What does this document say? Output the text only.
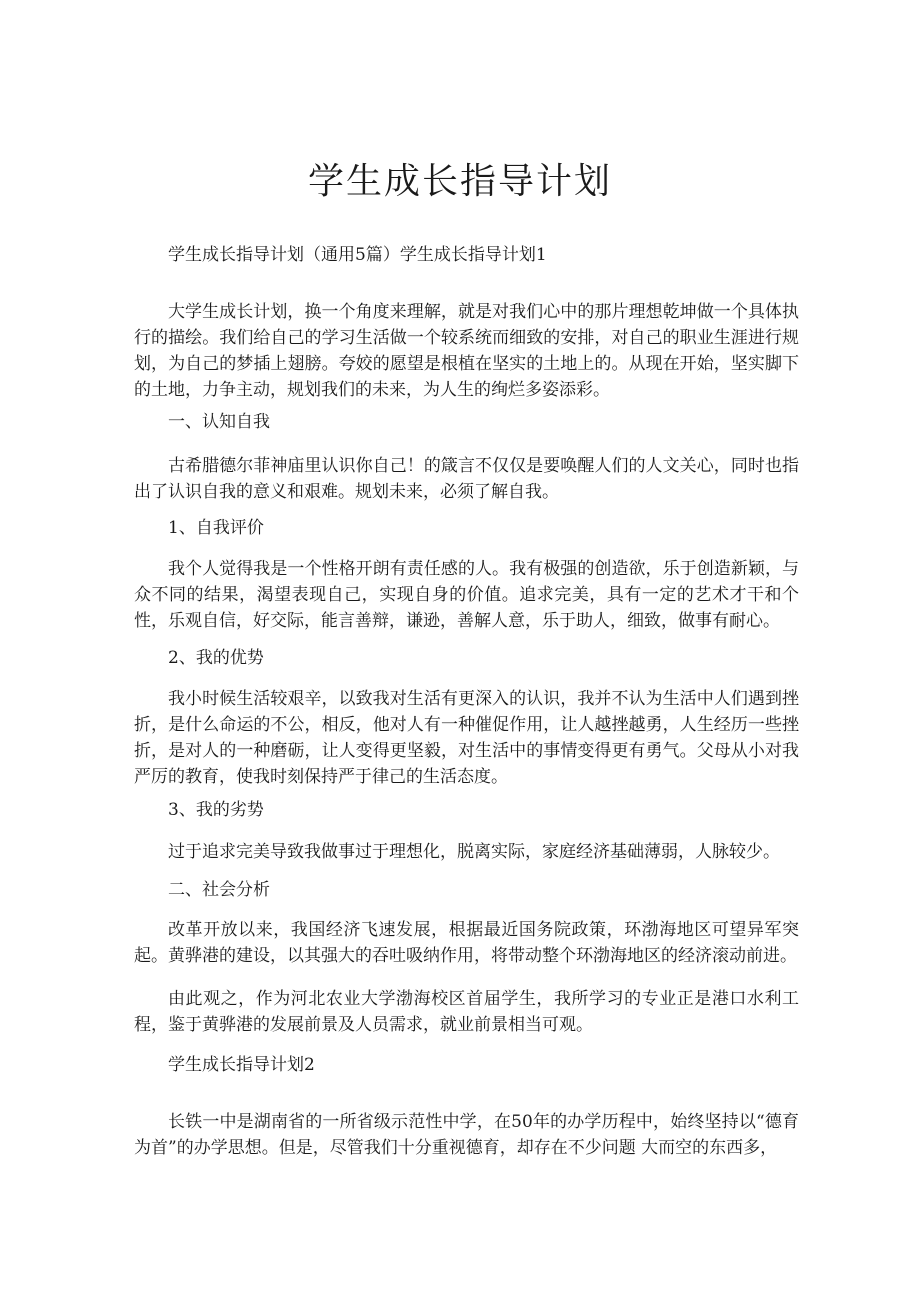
学生成长指导计划
学生成长指导计划（通用5篇）学生成长指导计划1
大学生成长计划，换一个角度来理解，就是对我们心中的那片理想乾坤做一个具体执行的描绘。我们给自己的学习生活做一个较系统而细致的安排，对自己的职业生涯进行规划，为自己的梦插上翅膀。夸姣的愿望是根植在坚实的土地上的。从现在开始，坚实脚下的土地，力争主动，规划我们的未来，为人生的绚烂多姿添彩。
一、认知自我
古希腊德尔菲神庙里认识你自己！的箴言不仅仅是要唤醒人们的人文关心，同时也指出了认识自我的意义和艰难。规划未来，必须了解自我。
1、自我评价
我个人觉得我是一个性格开朗有责任感的人。我有极强的创造欲，乐于创造新颖，与众不同的结果，渴望表现自己，实现自身的价值。追求完美，具有一定的艺术才干和个性，乐观自信，好交际，能言善辩，谦逊，善解人意，乐于助人，细致，做事有耐心。
2、我的优势
我小时候生活较艰辛，以致我对生活有更深入的认识，我并不认为生活中人们遇到挫折，是什么命运的不公，相反，他对人有一种催促作用，让人越挫越勇，人生经历一些挫折，是对人的一种磨砺，让人变得更坚毅，对生活中的事情变得更有勇气。父母从小对我严厉的教育，使我时刻保持严于律己的生活态度。
3、我的劣势
过于追求完美导致我做事过于理想化，脱离实际，家庭经济基础薄弱，人脉较少。
二、社会分析
改革开放以来，我国经济飞速发展，根据最近国务院政策，环渤海地区可望异军突起。黄骅港的建设，以其强大的吞吐吸纳作用，将带动整个环渤海地区的经济滚动前进。
由此观之，作为河北农业大学渤海校区首届学生，我所学习的专业正是港口水利工程，鉴于黄骅港的发展前景及人员需求，就业前景相当可观。
学生成长指导计划2
长铁一中是湖南省的一所省级示范性中学，在50年的办学历程中，始终坚持以“德育为首”的办学思想。但是，尽管我们十分重视德育，却存在不少问题 大而空的东西多，
